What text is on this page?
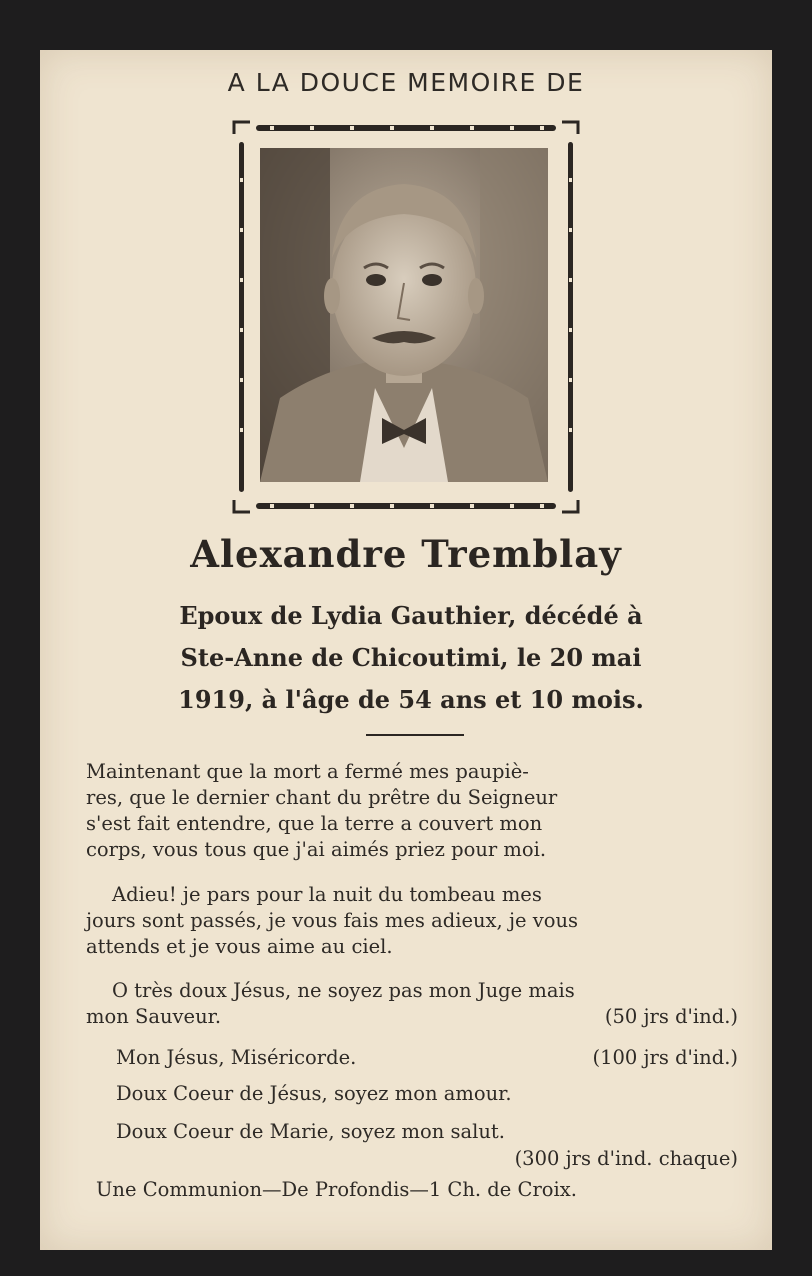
A LA DOUCE MEMOIRE DE
Alexandre Tremblay
Epoux de Lydia Gauthier, décédé à
Ste-Anne de Chicoutimi, le 20 mai
1919, à l'âge de 54 ans et 10 mois.
Maintenant que la mort a fermé mes paupiè-
res, que le dernier chant du prêtre du Seigneur
s'est fait entendre, que la terre a couvert mon
corps, vous tous que j'ai aimés priez pour moi.
Adieu! je pars pour la nuit du tombeau mes
jours sont passés, je vous fais mes adieux, je vous
attends et je vous aime au ciel.
O très doux Jésus, ne soyez pas mon Juge mais
mon Sauveur.	(50 jrs d'ind.)
Mon Jésus, Miséricorde.	(100 jrs d'ind.)
Doux Coeur de Jésus, soyez mon amour.
Doux Coeur de Marie, soyez mon salut.
(300 jrs d'ind. chaque)
Une Communion—De Profondis—1 Ch. de Croix.
